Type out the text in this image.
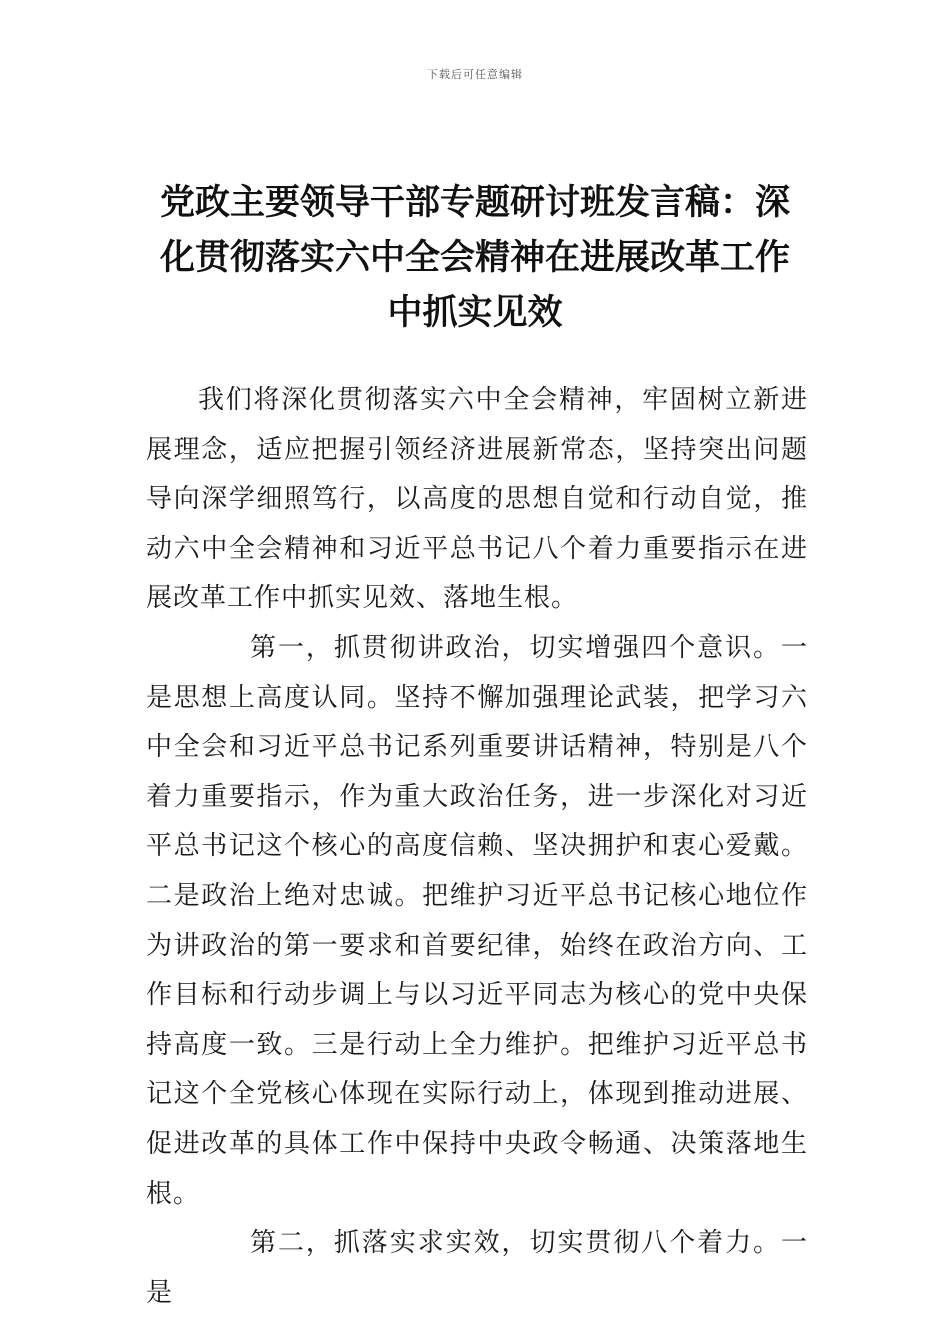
下载后可任意编辑
党政主要领导干部专题研讨班发言稿：深化贯彻落实六中全会精神在进展改革工作中抓实见效

我们将深化贯彻落实六中全会精神，牢固树立新进展理念，适应把握引领经济进展新常态，坚持突出问题导向深学细照笃行，以高度的思想自觉和行动自觉，推动六中全会精神和习近平总书记八个着力重要指示在进展改革工作中抓实见效、落地生根。

第一，抓贯彻讲政治，切实增强四个意识。一是思想上高度认同。坚持不懈加强理论武装，把学习六中全会和习近平总书记系列重要讲话精神，特别是八个着力重要指示，作为重大政治任务，进一步深化对习近平总书记这个核心的高度信赖、坚决拥护和衷心爱戴。二是政治上绝对忠诚。把维护习近平总书记核心地位作为讲政治的第一要求和首要纪律，始终在政治方向、工作目标和行动步调上与以习近平同志为核心的党中央保持高度一致。三是行动上全力维护。把维护习近平总书记这个全党核心体现在实际行动上，体现到推动进展、促进改革的具体工作中保持中央政令畅通、决策落地生根。

第二，抓落实求实效，切实贯彻八个着力。一是
